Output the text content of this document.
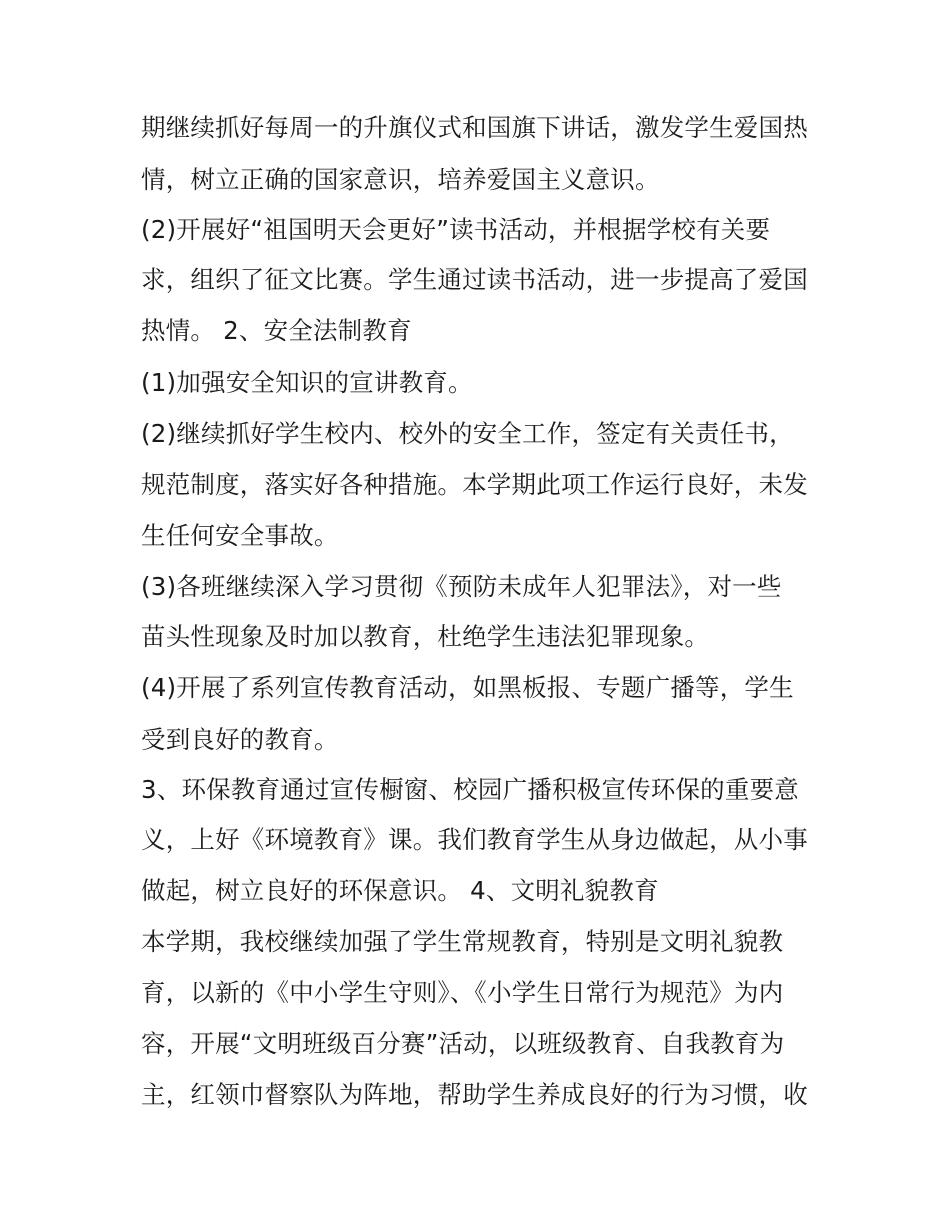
期继续抓好每周一的升旗仪式和国旗下讲话，激发学生爱国热
情，树立正确的国家意识，培养爱国主义意识。
(2)开展好“祖国明天会更好”读书活动，并根据学校有关要
求，组织了征文比赛。学生通过读书活动，进一步提高了爱国
热情。 2、安全法制教育
(1)加强安全知识的宣讲教育。
(2)继续抓好学生校内、校外的安全工作，签定有关责任书，
规范制度，落实好各种措施。本学期此项工作运行良好，未发
生任何安全事故。
(3)各班继续深入学习贯彻《预防未成年人犯罪法》，对一些
苗头性现象及时加以教育，杜绝学生违法犯罪现象。
(4)开展了系列宣传教育活动，如黑板报、专题广播等，学生
受到良好的教育。
3、环保教育通过宣传橱窗、校园广播积极宣传环保的重要意
义，上好《环境教育》课。我们教育学生从身边做起，从小事
做起，树立良好的环保意识。 4、文明礼貌教育
本学期，我校继续加强了学生常规教育，特别是文明礼貌教
育，以新的《中小学生守则》、《小学生日常行为规范》为内
容，开展“文明班级百分赛”活动，以班级教育、自我教育为
主，红领巾督察队为阵地，帮助学生养成良好的行为习惯，收
